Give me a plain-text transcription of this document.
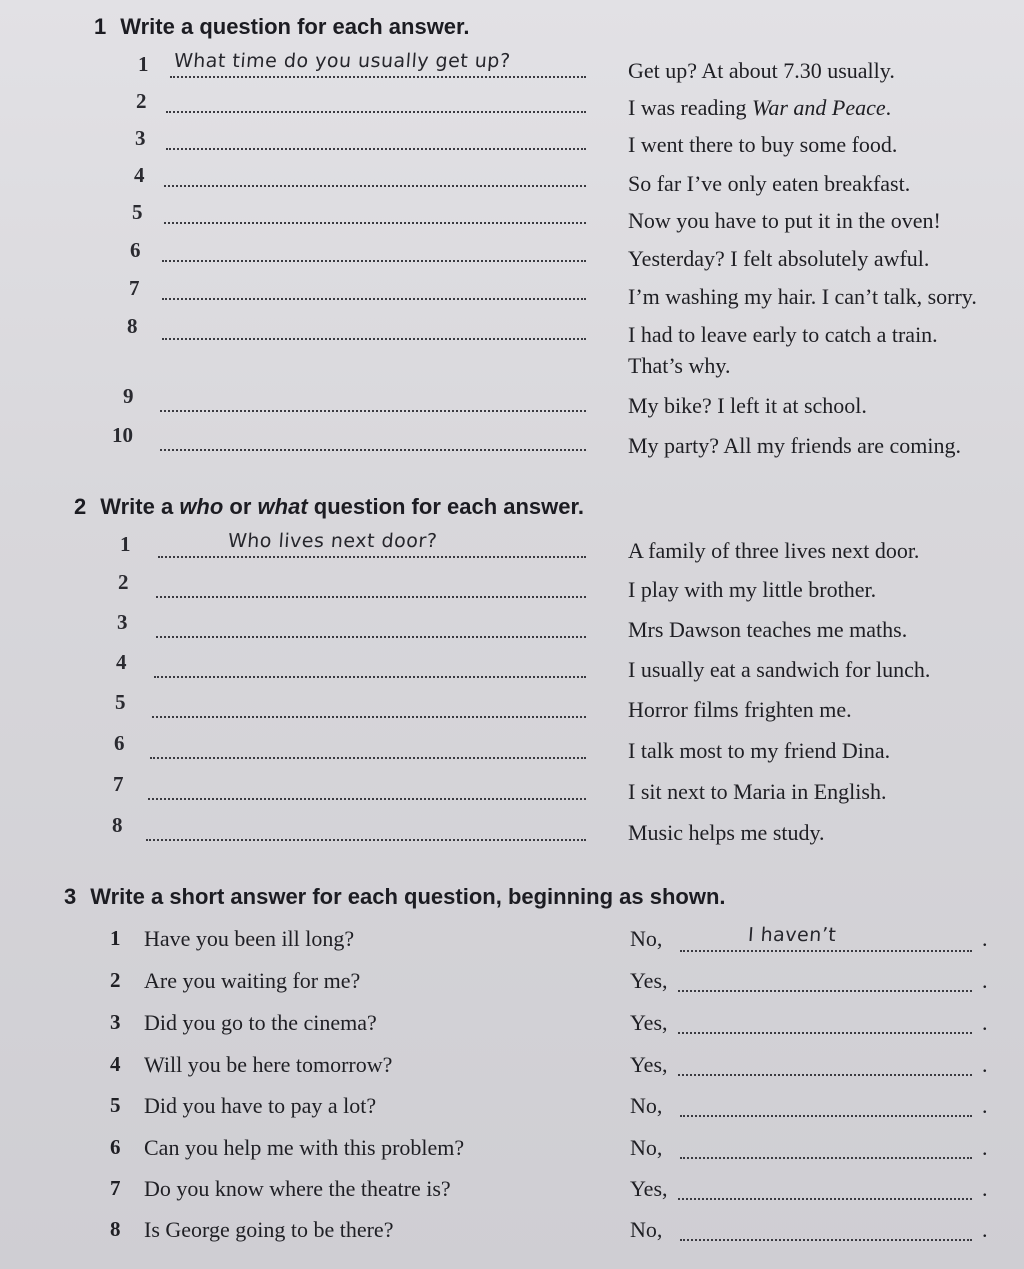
1 Write a question for each answer.
1 What time do you usually get up?	Get up? At about 7.30 usually.
2	I was reading War and Peace.
3	I went there to buy some food.
4	So far I’ve only eaten breakfast.
5	Now you have to put it in the oven!
6	Yesterday? I felt absolutely awful.
7	I’m washing my hair. I can’t talk, sorry.
8	I had to leave early to catch a train.
That’s why.
9	My bike? I left it at school.
10	My party? All my friends are coming.
2 Write a who or what question for each answer.
1	Who lives next door?	A family of three lives next door.
2	I play with my little brother.
3	Mrs Dawson teaches me maths.
4	I usually eat a sandwich for lunch.
5	Horror films frighten me.
6	I talk most to my friend Dina.
7	I sit next to Maria in English.
8	Music helps me study.
3 Write a short answer for each question, beginning as shown.
1 Have you been ill long?	No,	I haven’t	.
2 Are you waiting for me?	Yes,	.
3 Did you go to the cinema?	Yes,	.
4 Will you be here tomorrow?	Yes,	.
5 Did you have to pay a lot?	No,	.
6 Can you help me with this problem?	No,	.
7 Do you know where the theatre is?	Yes,	.
8 Is George going to be there?	No,	.
